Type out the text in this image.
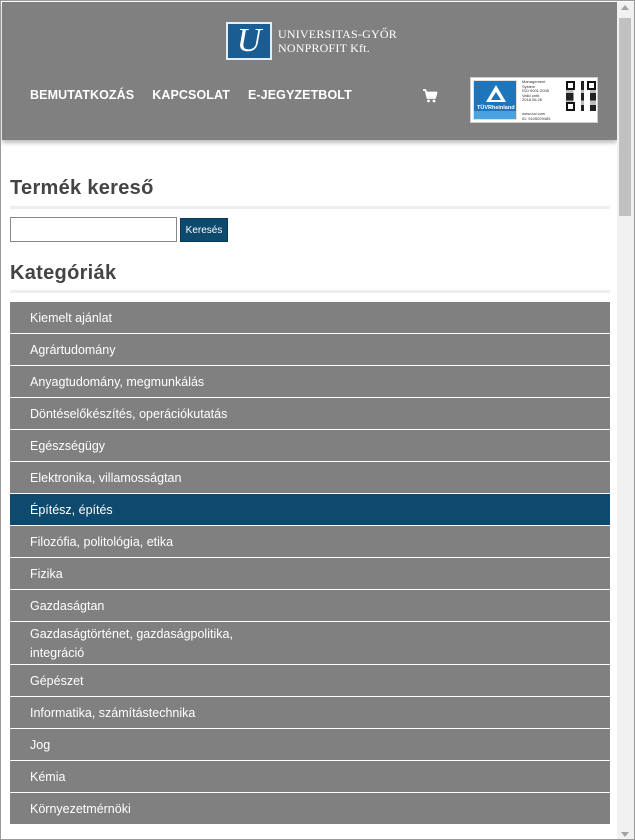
U UNIVERSITAS-GYŐR
NONPROFIT Kft.
BEMUTATKOZÁS KAPCSOLAT E-JEGYZETBOLT
TÜVRheinland
Management
System
ISO 9001:2008
Valid until:
2018.06.26
www.tuv.com
ID: 9105029485
Termék kereső
Keresés
Kategóriák
Kiemelt ajánlat
Agrártudomány
Anyagtudomány, megmunkálás
Döntéselőkészítés, operációkutatás
Egészségügy
Elektronika, villamosságtan
Építész, építés
Filozófia, politológia, etika
Fizika
Gazdaságtan
Gazdaságtörténet, gazdaságpolitika, integráció
Gépészet
Informatika, számítástechnika
Jog
Kémia
Környezetmérnöki
